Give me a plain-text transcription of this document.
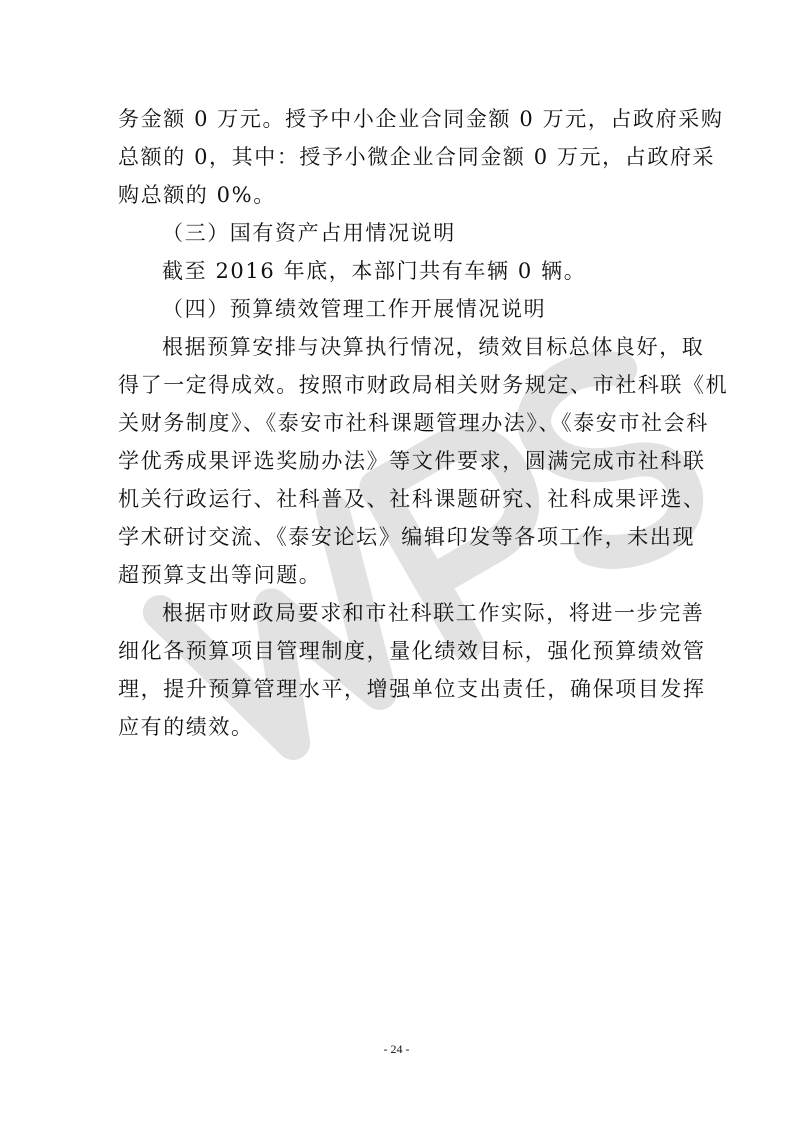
务金额 0 万元。授予中小企业合同金额 0 万元，占政府采购
总额的 0，其中：授予小微企业合同金额 0 万元，占政府采
购总额的 0%。
（三）国有资产占用情况说明
截至 2016 年底，本部门共有车辆 0 辆。
（四）预算绩效管理工作开展情况说明
根据预算安排与决算执行情况，绩效目标总体良好，取
得了一定得成效。按照市财政局相关财务规定、市社科联《机
关财务制度》、《泰安市社科课题管理办法》、《泰安市社会科
学优秀成果评选奖励办法》等文件要求，圆满完成市社科联
机关行政运行、社科普及、社科课题研究、社科成果评选、
学术研讨交流、《泰安论坛》编辑印发等各项工作，未出现
超预算支出等问题。
根据市财政局要求和市社科联工作实际，将进一步完善
细化各预算项目管理制度，量化绩效目标，强化预算绩效管
理，提升预算管理水平，增强单位支出责任，确保项目发挥
应有的绩效。
- 24 -
